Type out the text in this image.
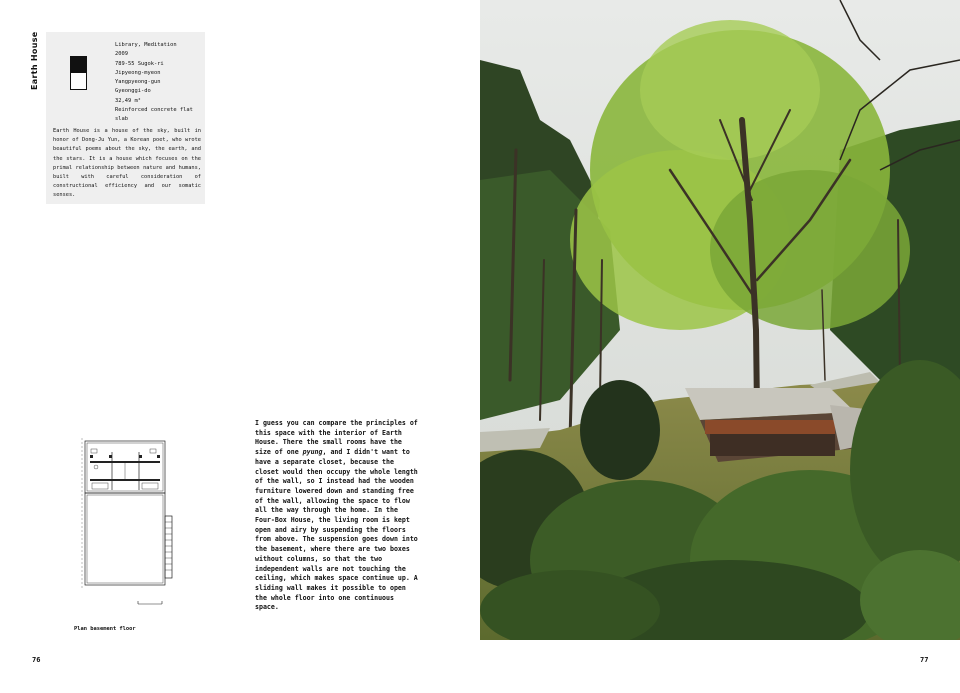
Earth House	Library, Meditation
2009
789-55 Sugok-ri
Jipyeong-myeon
Yangpyeong-gun
Gyeonggi-do
32,49 m²
Reinforced concrete flat slab
Earth House is a house of the sky, built in honor of Dong-Ju Yun, a Korean poet, who wrote beautiful poems about the sky, the earth, and the stars. It is a house which focuses on the primal relationship between nature and humans, built with careful consideration of constructional efficiency and our somatic senses.
Plan basement floor
I guess you can compare the principles of this space with the interior of Earth House. There the small rooms have the size of one pyung, and I didn't want to have a separate closet, because the closet would then occupy the whole length of the wall, so I instead had the wooden furniture lowered down and standing free of the wall, allowing the space to flow all the way through the home. In the Four-Box House, the living room is kept open and airy by suspending the floors from above. The suspension goes down into the basement, where there are two boxes without columns, so that the two independent walls are not touching the ceiling, which makes space continue up. A sliding wall makes it possible to open the whole floor into one continuous space.
76	77
